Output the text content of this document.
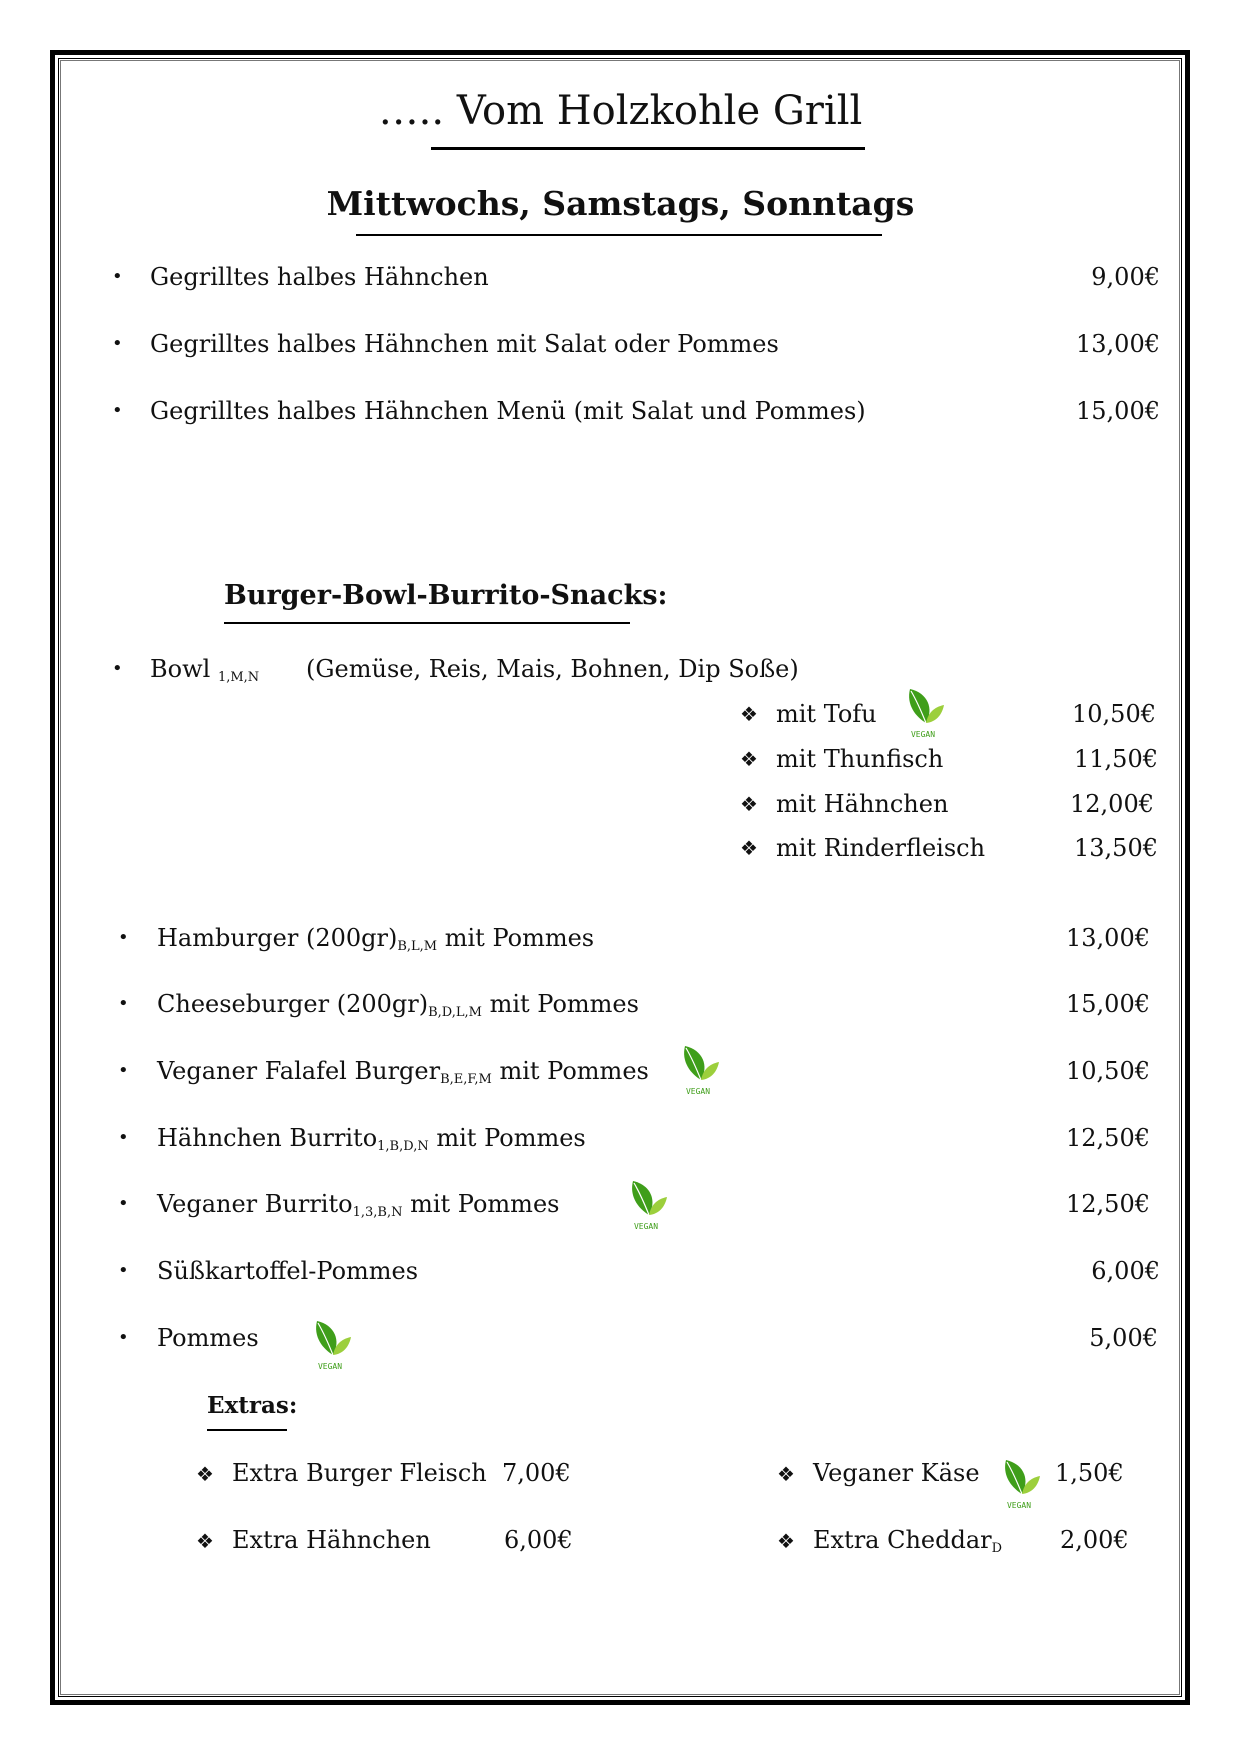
….. Vom Holzkohle Grill
Mittwochs, Samstags, Sonntags
• Gegrilltes halbes Hähnchen	9,00€
• Gegrilltes halbes Hähnchen mit Salat oder Pommes	13,00€
• Gegrilltes halbes Hähnchen Menü (mit Salat und Pommes)	15,00€
Burger-Bowl-Burrito-Snacks:
• Bowl $_{1,M,N}$ (Gemüse, Reis, Mais, Bohnen, Dip Soße)
❖ mit Tofu
VEGAN
10,50€
❖ mit Thunfisch	11,50€
❖ mit Hähnchen	12,00€
❖ mit Rinderfleisch	13,50€
• Hamburger $(200gr)_{B,L,M}$ mit Pommes	13,00€
• Cheeseburger $(200gr)_{B,D,L,M}$ mit Pommes	15,00€
• Veganer Falafel Burger$_{B,E,F,M}$ mit Pommes
VEGAN
10,50€
• Hähnchen Burrito$_{1,B,D,N}$ mit Pommes	12,50€
• Veganer Burrito$_{1,3,B,N}$ mit Pommes
VEGAN
12,50€
• Süßkartoffel-Pommes	6,00€
• Pommes
VEGAN
5,00€
Extras:
❖ Extra Burger Fleisch 7,00€	❖ Veganer Käse
VEGAN
1,50€
❖ Extra Hähnchen	6,00€	❖ Extra Cheddar$_D$ 2,00€
